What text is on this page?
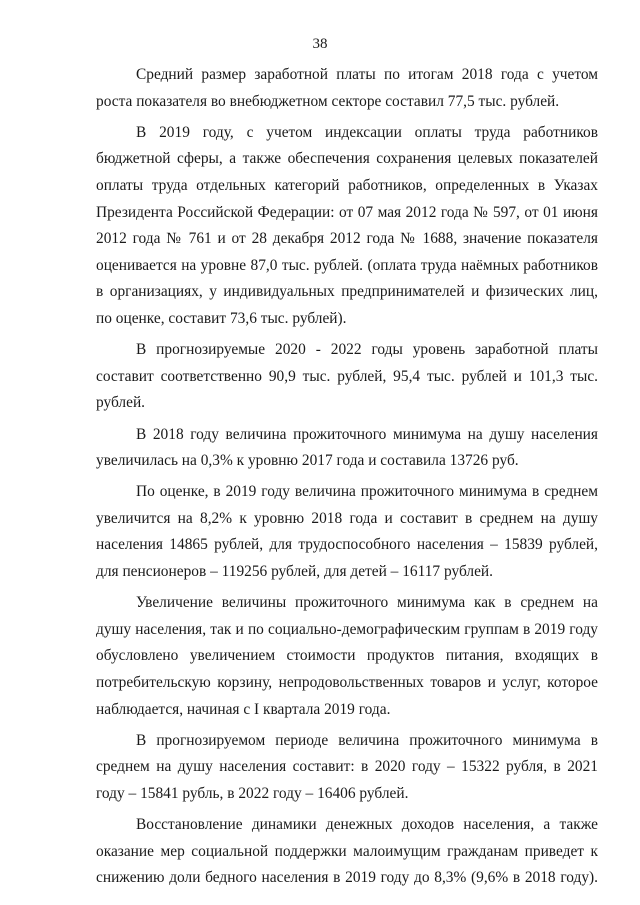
38

Средний размер заработной платы по итогам 2018 года с учетом роста показателя во внебюджетном секторе составил 77,5 тыс. рублей.

В 2019 году, с учетом индексации оплаты труда работников бюджетной сферы, а также обеспечения сохранения целевых показателей оплаты труда отдельных категорий работников, определенных в Указах Президента Российской Федерации: от 07 мая 2012 года № 597, от 01 июня 2012 года № 761 и от 28 декабря 2012 года № 1688, значение показателя оценивается на уровне 87,0 тыс. рублей. (оплата труда наёмных работников в организациях, у индивидуальных предпринимателей и физических лиц, по оценке, составит 73,6 тыс. рублей).

В прогнозируемые 2020 - 2022 годы уровень заработной платы составит соответственно 90,9 тыс. рублей, 95,4 тыс. рублей и 101,3 тыс. рублей.

В 2018 году величина прожиточного минимума на душу населения увеличилась на 0,3% к уровню 2017 года и составила 13726 руб.

По оценке, в 2019 году величина прожиточного минимума в среднем увеличится на 8,2% к уровню 2018 года и составит в среднем на душу населения 14865 рублей, для трудоспособного населения – 15839 рублей, для пенсионеров – 119256 рублей, для детей – 16117 рублей.

Увеличение величины прожиточного минимума как в среднем на душу населения, так и по социально-демографическим группам в 2019 году обусловлено увеличением стоимости продуктов питания, входящих в потребительскую корзину, непродовольственных товаров и услуг, которое наблюдается, начиная с I квартала 2019 года.

В прогнозируемом периоде величина прожиточного минимума в среднем на душу населения составит: в 2020 году – 15322 рубля, в 2021 году – 15841 рубль, в 2022 году – 16406 рублей.

Восстановление динамики денежных доходов населения, а также оказание мер социальной поддержки малоимущим гражданам приведет к снижению доли бедного населения в 2019 году до 8,3% (9,6% в 2018 году).
